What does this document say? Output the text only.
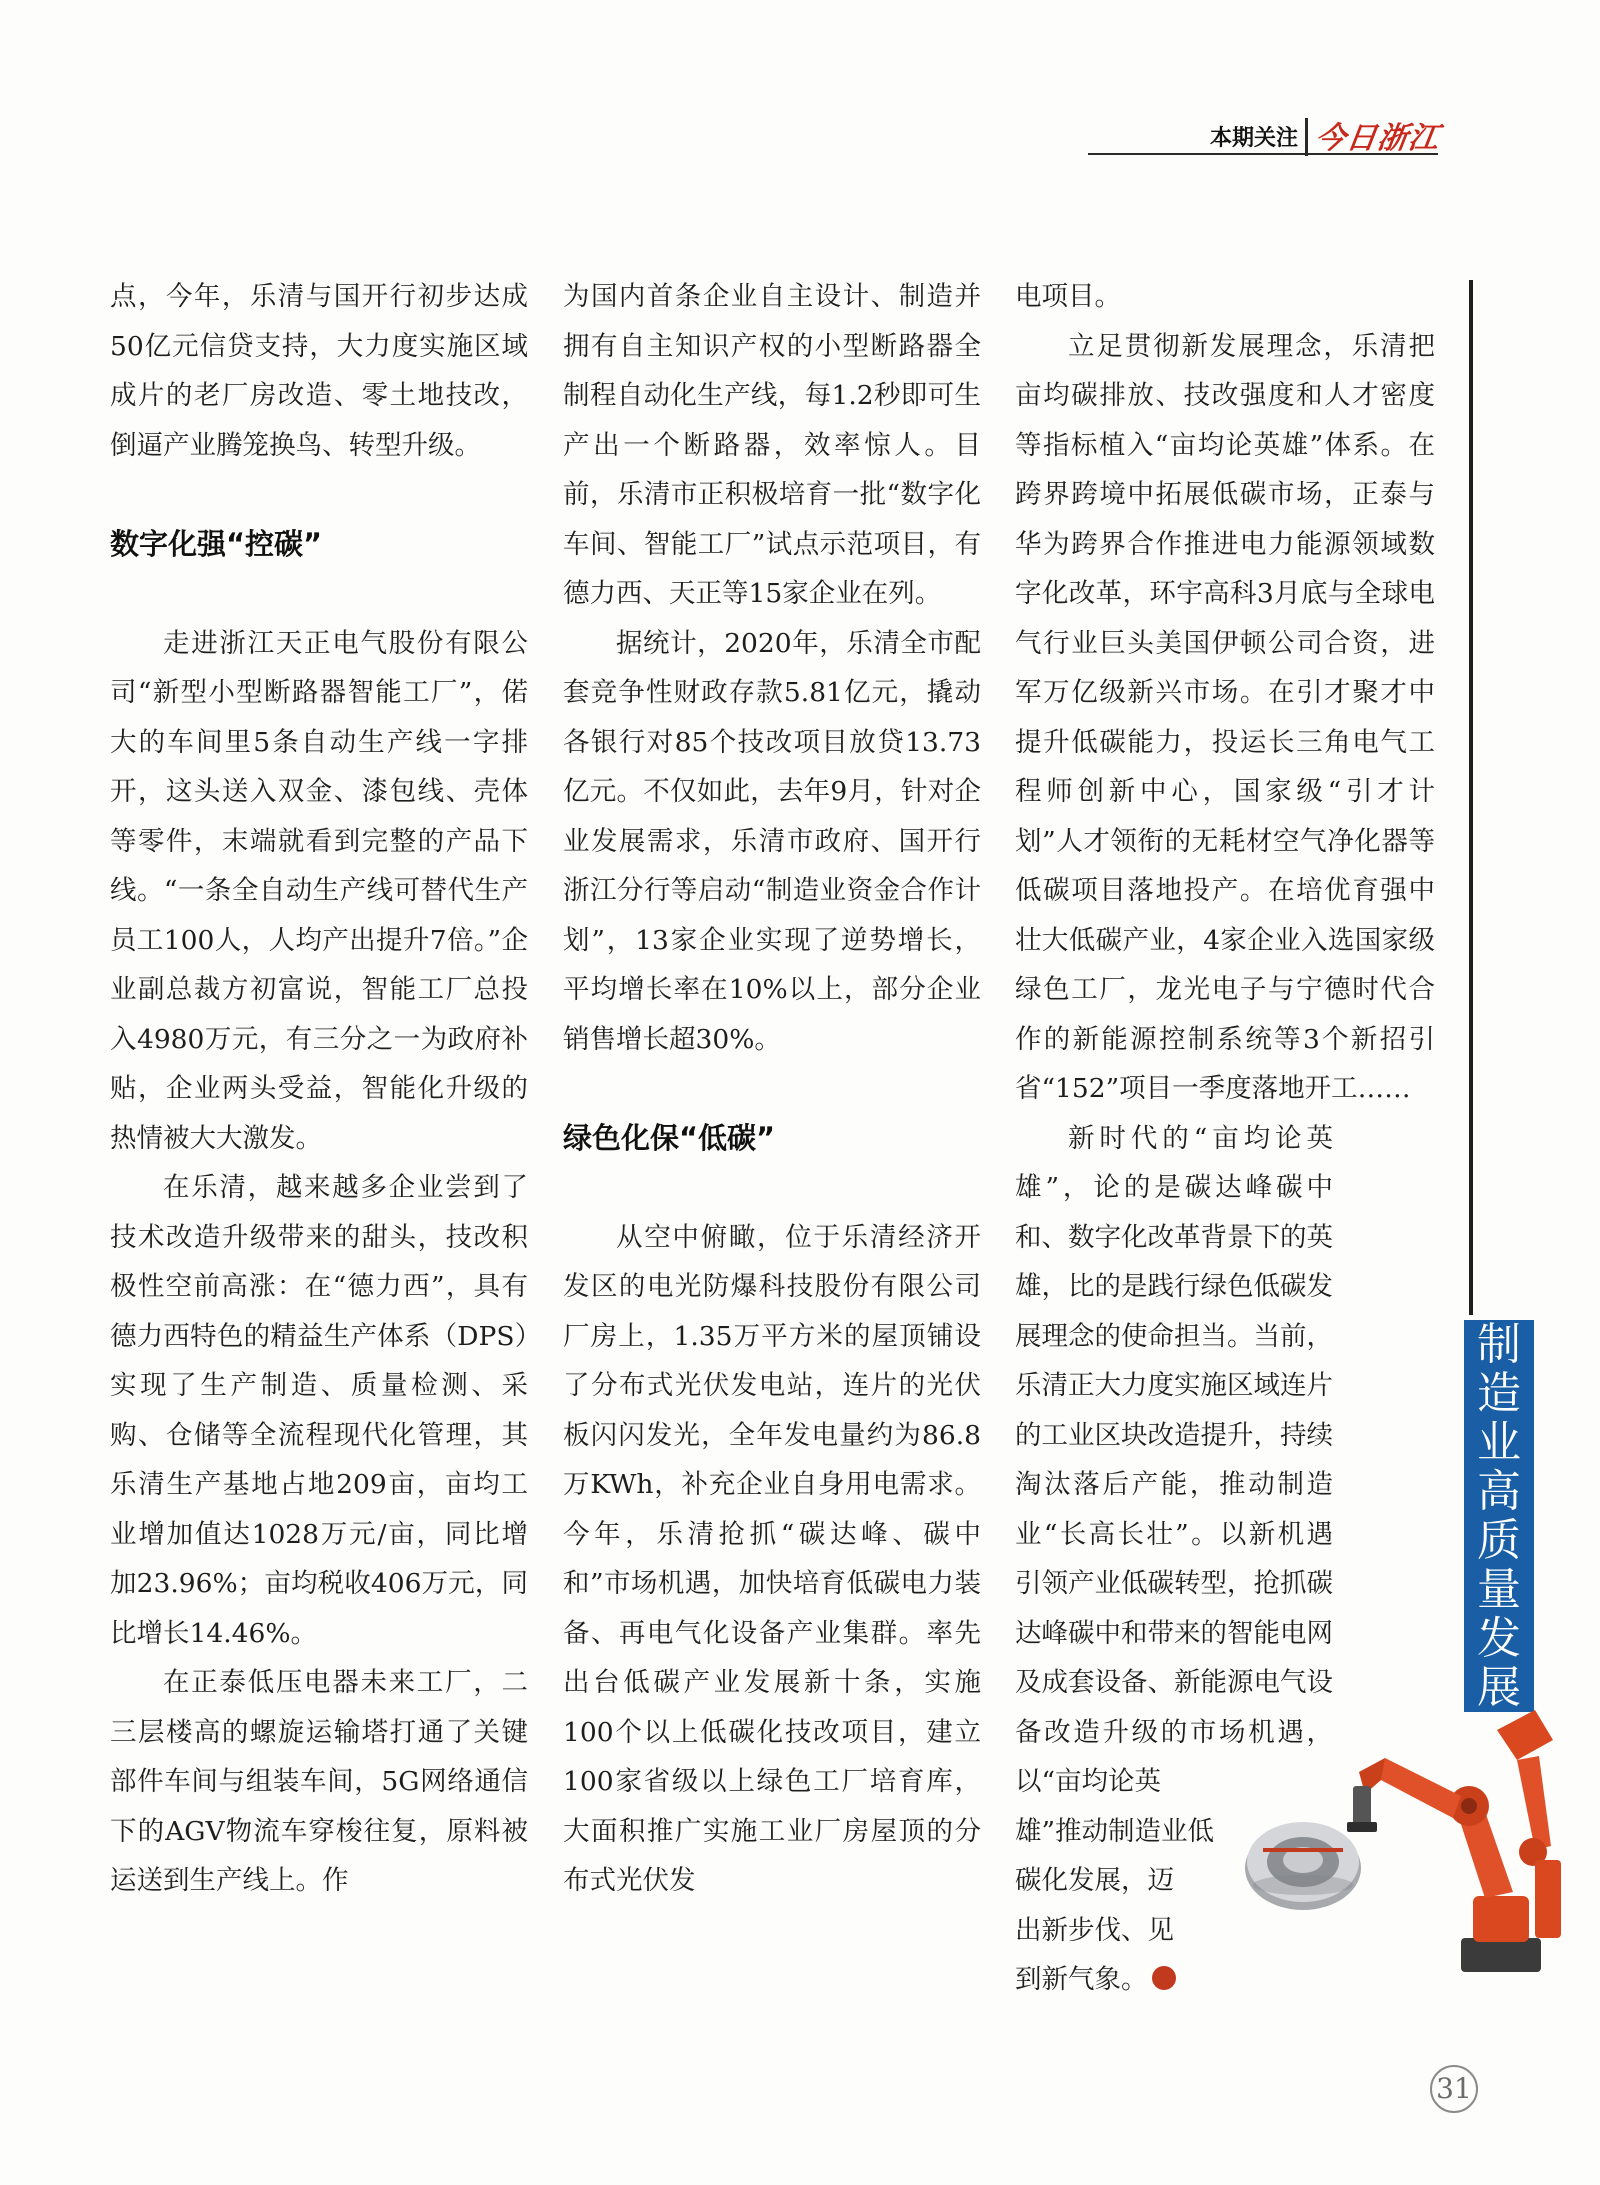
本期关注 今日浙江

点，今年，乐清与国开行初步达成50亿元信贷支持，大力度实施区域成片的老厂房改造、零土地技改，倒逼产业腾笼换鸟、转型升级。

数字化强“控碳”

走进浙江天正电气股份有限公司“新型小型断路器智能工厂”，偌大的车间里5条自动生产线一字排开，这头送入双金、漆包线、壳体等零件，末端就看到完整的产品下线。“一条全自动生产线可替代生产员工100人，人均产出提升7倍。”企业副总裁方初富说，智能工厂总投入4980万元，有三分之一为政府补贴，企业两头受益，智能化升级的热情被大大激发。

在乐清，越来越多企业尝到了技术改造升级带来的甜头，技改积极性空前高涨：在“德力西”，具有德力西特色的精益生产体系（DPS）实现了生产制造、质量检测、采购、仓储等全流程现代化管理，其乐清生产基地占地209亩，亩均工业增加值达1028万元/亩，同比增加23.96%；亩均税收406万元，同比增长14.46%。

在正泰低压电器未来工厂，二三层楼高的螺旋运输塔打通了关键部件车间与组装车间，5G网络通信下的AGV物流车穿梭往复，原料被运送到生产线上。作

为国内首条企业自主设计、制造并拥有自主知识产权的小型断路器全制程自动化生产线，每1.2秒即可生产出一个断路器，效率惊人。目前，乐清市正积极培育一批“数字化车间、智能工厂”试点示范项目，有德力西、天正等15家企业在列。

据统计，2020年，乐清全市配套竞争性财政存款5.81亿元，撬动各银行对85个技改项目放贷13.73亿元。不仅如此，去年9月，针对企业发展需求，乐清市政府、国开行浙江分行等启动“制造业资金合作计划”，13家企业实现了逆势增长，平均增长率在10%以上，部分企业销售增长超30%。

绿色化保“低碳”

从空中俯瞰，位于乐清经济开发区的电光防爆科技股份有限公司厂房上，1.35万平方米的屋顶铺设了分布式光伏发电站，连片的光伏板闪闪发光，全年发电量约为86.8万KWh，补充企业自身用电需求。今年，乐清抢抓“碳达峰、碳中和”市场机遇，加快培育低碳电力装备、再电气化设备产业集群。率先出台低碳产业发展新十条，实施100个以上低碳化技改项目，建立100家省级以上绿色工厂培育库，大面积推广实施工业厂房屋顶的分布式光伏发

电项目。

立足贯彻新发展理念，乐清把亩均碳排放、技改强度和人才密度等指标植入“亩均论英雄”体系。在跨界跨境中拓展低碳市场，正泰与华为跨界合作推进电力能源领域数字化改革，环宇高科3月底与全球电气行业巨头美国伊顿公司合资，进军万亿级新兴市场。在引才聚才中提升低碳能力，投运长三角电气工程师创新中心，国家级“引才计划”人才领衔的无耗材空气净化器等低碳项目落地投产。在培优育强中壮大低碳产业，4家企业入选国家级绿色工厂，龙光电子与宁德时代合作的新能源控制系统等3个新招引省“152”项目一季度落地开工……

新时代的“亩均论英雄”，论的是碳达峰碳中和、数字化改革背景下的英雄，比的是践行绿色低碳发展理念的使命担当。当前，乐清正大力度实施区域连片的工业区块改造提升，持续淘汰落后产能，推动制造业“长高长壮”。以新机遇引领产业低碳转型，抢抓碳达峰碳中和带来的智能电网及成套设备、新能源电气设备改造升级的市场机遇，以“亩均论英

雄”推动制造业低

碳化发展，迈

出新步伐、见

到新气象。

制
造
业
高
质
量
发
展
31
